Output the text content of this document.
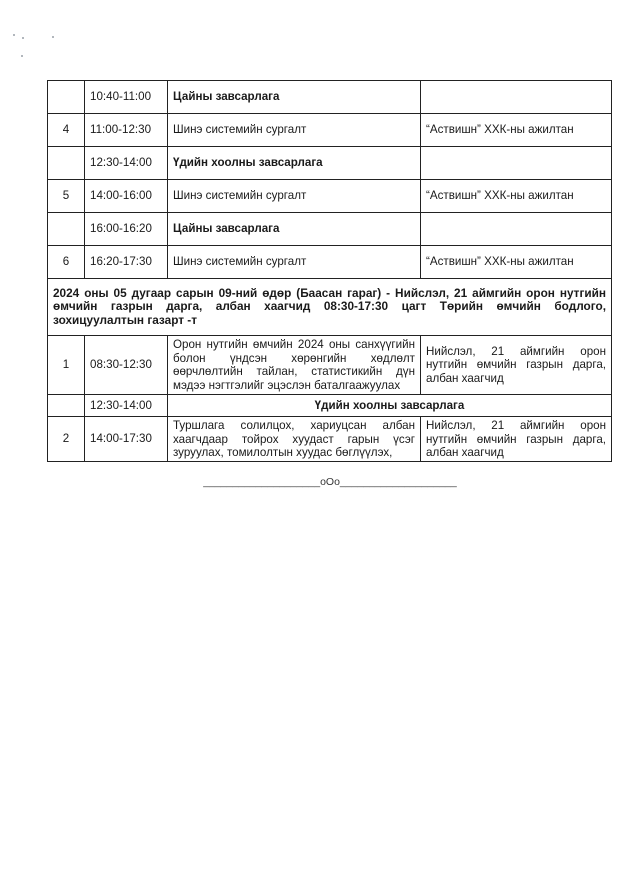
	10:40-11:00	Цайны завсарлага	
4	11:00-12:30	Шинэ системийн сургалт	“Аствишн” ХХК-ны ажилтан
	12:30-14:00	Үдийн хоолны завсарлага	
5	14:00-16:00	Шинэ системийн сургалт	“Аствишн” ХХК-ны ажилтан
	16:00-16:20	Цайны завсарлага	
6	16:20-17:30	Шинэ системийн сургалт	“Аствишн” ХХК-ны ажилтан
2024 оны 05 дугаар сарын 09-ний өдөр (Баасан гараг) - Нийслэл, 21 аймгийн орон нутгийн өмчийн газрын дарга, албан хаагчид 08:30-17:30 цагт Төрийн өмчийн бодлого, зохицуулалтын газарт -т			
1	08:30-12:30	Орон нутгийн өмчийн 2024 оны санхүүгийн болон үндсэн хөрөнгийн хөдлөлт өөрчлөлтийн тайлан, статистикийн дүн мэдээ нэгтгэлийг эцэслэн баталгаажуулах	Нийслэл, 21 аймгийн орон нутгийн өмчийн газрын дарга, албан хаагчид
	12:30-14:00	Үдийн хоолны завсарлага	
2	14:00-17:30	Туршлага солилцох, хариуцсан албан хаагчдаар тойрох хуудаст гарын үсэг зуруулах, томилолтын хуудас бөглүүлэх,	Нийслэл, 21 аймгийн орон нутгийн өмчийн газрын дарга, албан хаагчид
____________________oOo____________________
